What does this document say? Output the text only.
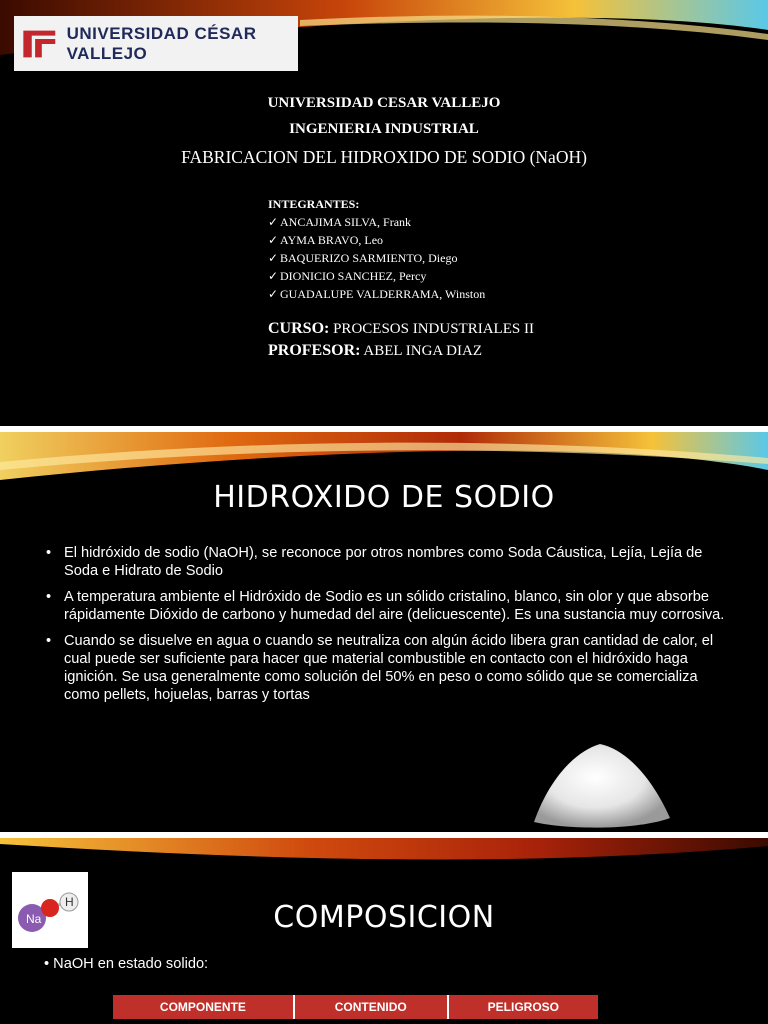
UNIVERSIDAD CÉSAR VALLEJO
UNIVERSIDAD CESAR VALLEJO
INGENIERIA INDUSTRIAL
FABRICACION DEL HIDROXIDO DE SODIO (NaOH)
INTEGRANTES:
✓ ANCAJIMA SILVA, Frank
✓ AYMA BRAVO, Leo
✓ BAQUERIZO SARMIENTO, Diego
✓ DIONICIO SANCHEZ, Percy
✓ GUADALUPE VALDERRAMA, Winston
CURSO: PROCESOS INDUSTRIALES II
PROFESOR: ABEL INGA DIAZ
HIDROXIDO DE SODIO
• El hidróxido de sodio (NaOH), se reconoce por otros nombres como Soda Cáustica, Lejía, Lejía de Soda e Hidrato de Sodio
• A temperatura ambiente el Hidróxido de Sodio es un sólido cristalino, blanco, sin olor y que absorbe rápidamente Dióxido de carbono y humedad del aire (delicuescente). Es una sustancia muy corrosiva.
• Cuando se disuelve en agua o cuando se neutraliza con algún ácido libera gran cantidad de calor, el cual puede ser suficiente para hacer que material combustible en contacto con el hidróxido haga ignición. Se usa generalmente como solución del 50% en peso o como sólido que se comercializa como pellets, hojuelas, barras y tortas
Na
H	COMPOSICION
• NaOH en estado solido:
COMPONENTE	CONTENIDO	PELIGROSO
